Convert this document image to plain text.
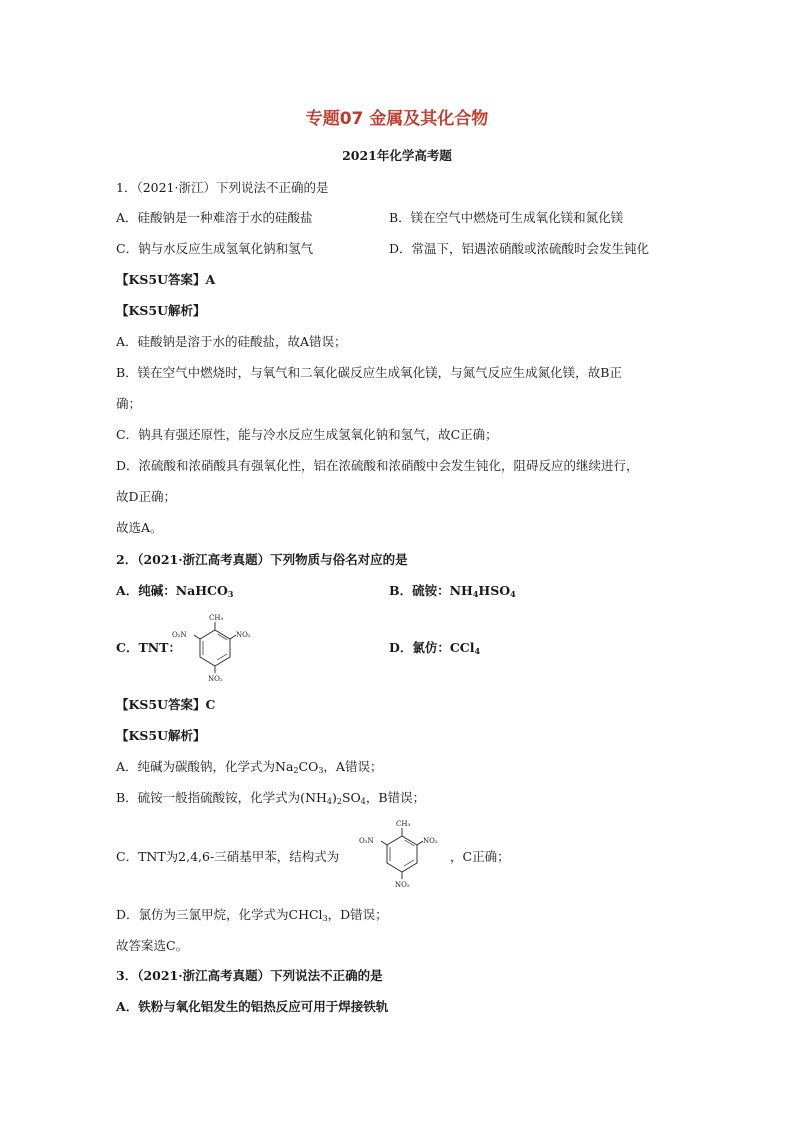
专题07 金属及其化合物
2021年化学高考题
1．（2021·浙江）下列说法不正确的是
A．硅酸钠是一种难溶于水的硅酸盐	B．镁在空气中燃烧可生成氧化镁和氮化镁
C．钠与水反应生成氢氧化钠和氢气	D．常温下，铝遇浓硝酸或浓硫酸时会发生钝化
【KS5U答案】A
【KS5U解析】
A．硅酸钠是溶于水的硅酸盐，故A错误；
B．镁在空气中燃烧时，与氧气和二氧化碳反应生成氧化镁，与氮气反应生成氮化镁，故B正
确；
C．钠具有强还原性，能与冷水反应生成氢氧化钠和氢气，故C正确；
D．浓硫酸和浓硝酸具有强氧化性，铝在浓硫酸和浓硝酸中会发生钝化，阻碍反应的继续进行，
故D正确；
故选A。
2．（2021·浙江高考真题）下列物质与俗名对应的是
A．纯碱：NaHCO$_3$	B．硫铵：$NH_4HSO_4$
C．TNT：
CH₃
NO₂
O₂N
NO₂
D．氯仿：CCl$_4$
【KS5U答案】C
【KS5U解析】
A．纯碱为碳酸钠，化学式为$Na_2CO_3$，A错误；
B．硫铵一般指硫酸铵，化学式为$(NH_4)_2SO_4$，B错误；
C．TNT为2,4,6-三硝基甲苯，结构式为
CH₃
NO₂
O₂N
NO₂
，C正确；
D．氯仿为三氯甲烷，化学式为CHCl$_3$，D错误；
故答案选C。
3．（2021·浙江高考真题）下列说法不正确的是
A．铁粉与氧化铝发生的铝热反应可用于焊接铁轨
